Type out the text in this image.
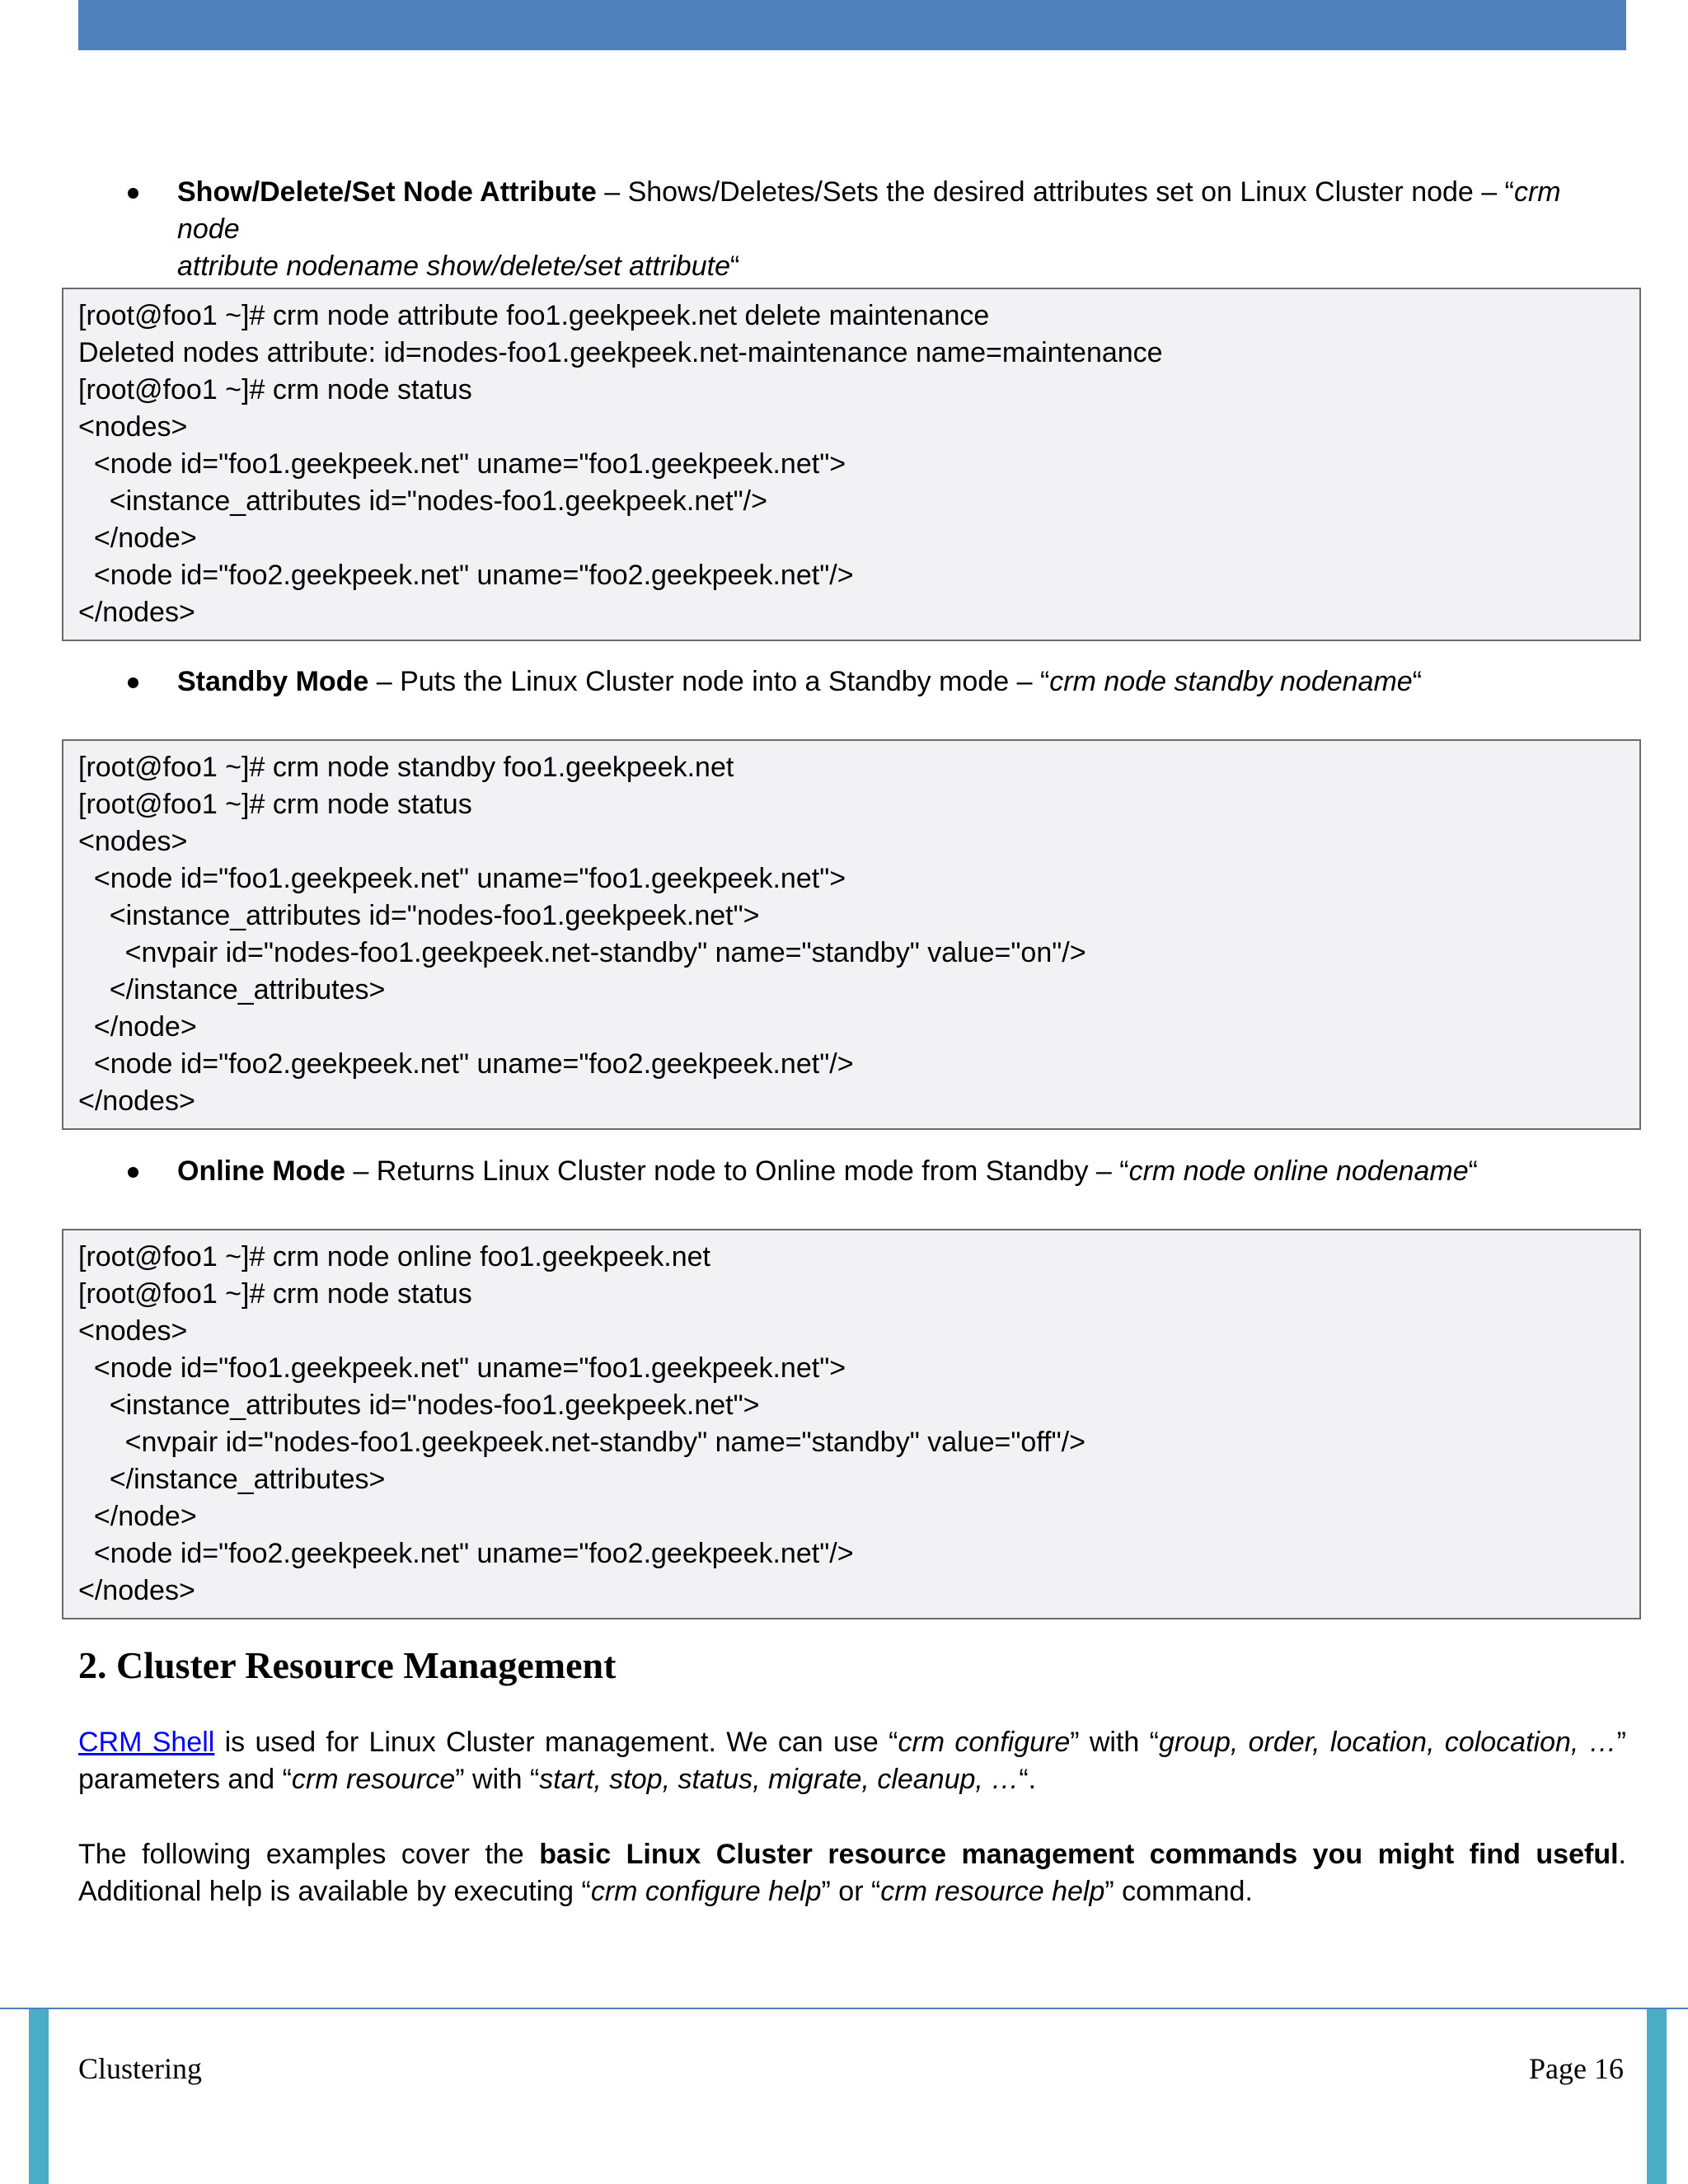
Show/Delete/Set Node Attribute – Shows/Deletes/Sets the desired attributes set on Linux Cluster node – “crm node
attribute nodename show/delete/set attribute“
[root@foo1 ~]# crm node attribute foo1.geekpeek.net delete maintenance
Deleted nodes attribute: id=nodes-foo1.geekpeek.net-maintenance name=maintenance
[root@foo1 ~]# crm node status
<nodes>
<node id="foo1.geekpeek.net" uname="foo1.geekpeek.net">
<instance_attributes id="nodes-foo1.geekpeek.net"/>
</node>
<node id="foo2.geekpeek.net" uname="foo2.geekpeek.net"/>
</nodes>
Standby Mode – Puts the Linux Cluster node into a Standby mode – “crm node standby nodename“
[root@foo1 ~]# crm node standby foo1.geekpeek.net
[root@foo1 ~]# crm node status
<nodes>
<node id="foo1.geekpeek.net" uname="foo1.geekpeek.net">
<instance_attributes id="nodes-foo1.geekpeek.net">
<nvpair id="nodes-foo1.geekpeek.net-standby" name="standby" value="on"/>
</instance_attributes>
</node>
<node id="foo2.geekpeek.net" uname="foo2.geekpeek.net"/>
</nodes>
Online Mode – Returns Linux Cluster node to Online mode from Standby – “crm node online nodename“
[root@foo1 ~]# crm node online foo1.geekpeek.net
[root@foo1 ~]# crm node status
<nodes>
<node id="foo1.geekpeek.net" uname="foo1.geekpeek.net">
<instance_attributes id="nodes-foo1.geekpeek.net">
<nvpair id="nodes-foo1.geekpeek.net-standby" name="standby" value="off"/>
</instance_attributes>
</node>
<node id="foo2.geekpeek.net" uname="foo2.geekpeek.net"/>
</nodes>
2. Cluster Resource Management
CRM Shell is used for Linux Cluster management. We can use “crm configure” with “group, order, location, colocation, …” parameters and “crm resource” with “start, stop, status, migrate, cleanup, …“.
The following examples cover the basic Linux Cluster resource management commands you might find useful. Additional help is available by executing “crm configure help” or “crm resource help” command.
Clustering	Page 16
